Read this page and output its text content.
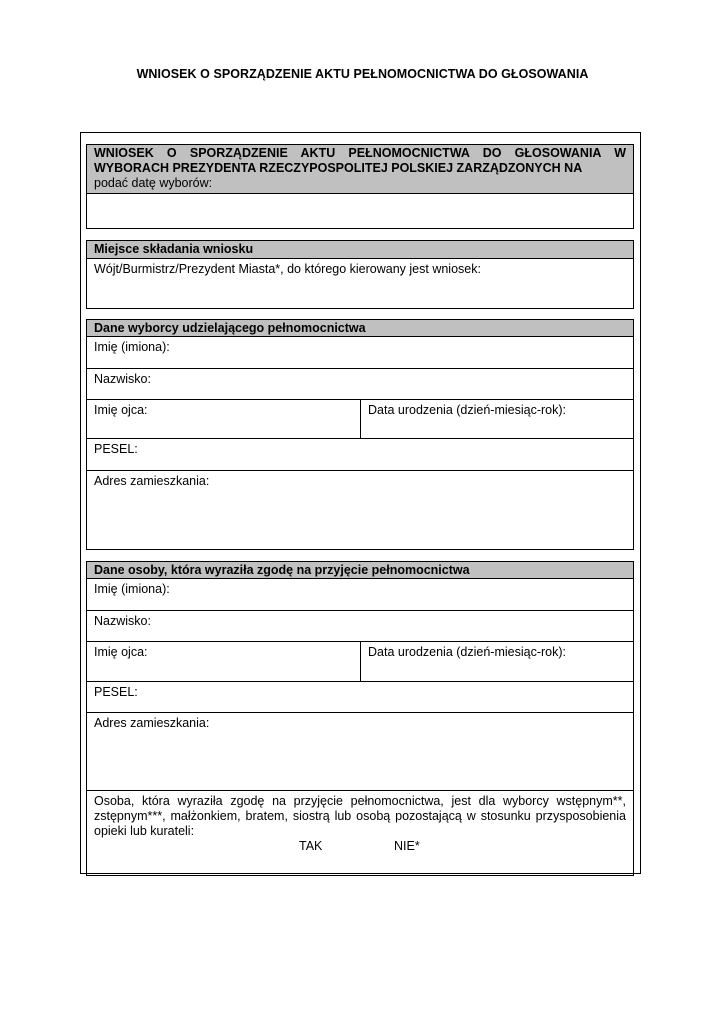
WNIOSEK O SPORZĄDZENIE AKTU PEŁNOMOCNICTWA DO GŁOSOWANIA
WNIOSEK O SPORZĄDZENIE AKTU PEŁNOMOCNICTWA DO GŁOSOWANIA W WYBORACH PREZYDENTA RZECZYPOSPOLITEJ POLSKIEJ ZARZĄDZONYCH NA
podać datę wyborów:
Miejsce składania wniosku
Wójt/Burmistrz/Prezydent Miasta*, do którego kierowany jest wniosek:
Dane wyborcy udzielającego pełnomocnictwa
Imię (imiona):
Nazwisko:
Imię ojca:	Data urodzenia (dzień-miesiąc-rok):
PESEL:
Adres zamieszkania:
Dane osoby, która wyraziła zgodę na przyjęcie pełnomocnictwa
Imię (imiona):
Nazwisko:
Imię ojca:	Data urodzenia (dzień-miesiąc-rok):
PESEL:
Adres zamieszkania:
Osoba, która wyraziła zgodę na przyjęcie pełnomocnictwa, jest dla wyborcy wstępnym**, zstępnym***, małżonkiem, bratem, siostrą lub osobą pozostającą w stosunku przysposobienia opieki lub kurateli:
TAK	NIE*
